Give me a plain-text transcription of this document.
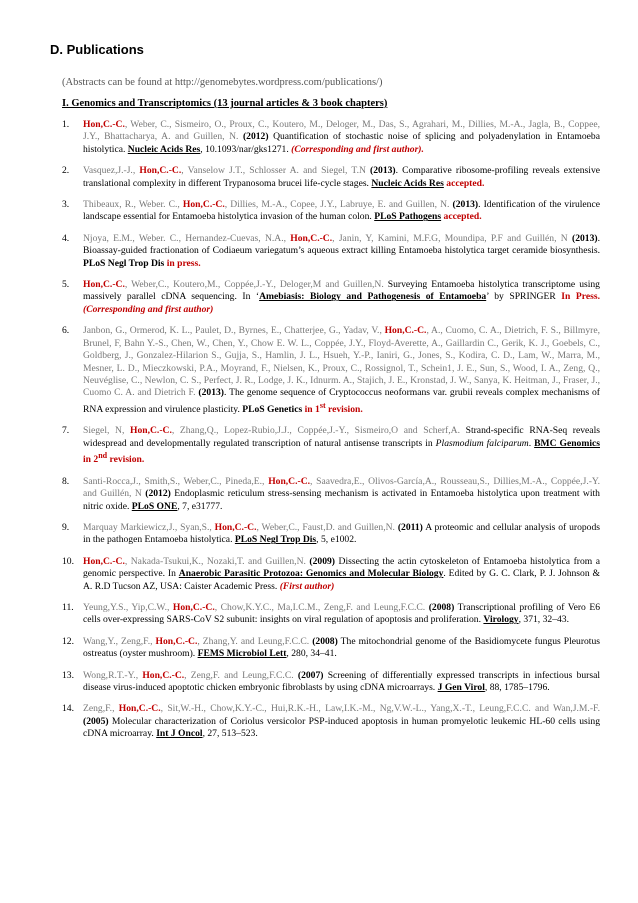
D. Publications
(Abstracts can be found at http://genomebytes.wordpress.com/publications/)
I. Genomics and Transcriptomics (13 journal articles & 3 book chapters)
1. Hon,C.-C., Weber, C., Sismeiro, O., Proux, C., Koutero, M., Deloger, M., Das, S., Agrahari, M., Dillies, M.-A., Jagla, B., Coppee, J.Y., Bhattacharya, A. and Guillen, N. (2012) Quantification of stochastic noise of splicing and polyadenylation in Entamoeba histolytica. Nucleic Acids Res, 10.1093/nar/gks1271. (Corresponding and first author).
2. Vasquez,J.-J., Hon,C.-C., Vanselow J.T., Schlosser A. and Siegel, T.N (2013). Comparative ribosome-profiling reveals extensive translational complexity in different Trypanosoma brucei life-cycle stages. Nucleic Acids Res accepted.
3. Thibeaux, R., Weber. C., Hon,C.-C., Dillies, M.-A., Copee, J.Y., Labruye, E. and Guillen, N. (2013). Identification of the virulence landscape essential for Entamoeba histolytica invasion of the human colon. PLoS Pathogens accepted.
4. Njoya, E.M., Weber. C., Hernandez-Cuevas, N.A., Hon,C.-C., Janin, Y, Kamini, M.F.G, Moundipa, P.F and Guillén, N (2013). Bioassay-guided fractionation of Codiaeum variegatum’s aqueous extract killing Entamoeba histolytica target ceramide biosynthesis. PLoS Negl Trop Dis in press.
5. Hon,C.-C., Weber,C., Koutero,M., Coppée,J.-Y., Deloger,M and Guillen,N. Surveying Entamoeba histolytica transcriptome using massively parallel cDNA sequencing. In ‘Amebiasis: Biology and Pathogenesis of Entamoeba’ by SPRINGER In Press. (Corresponding and first author)
6. Janbon, G., Ormerod, K. L., Paulet, D., Byrnes, E., Chatterjee, G., Yadav, V., Hon,C.-C., A., Cuomo, C. A., Dietrich, F. S., Billmyre, Brunel, F, Bahn Y.-S., Chen, W., Chen, Y., Chow E. W. L., Coppée, J.Y., Floyd-Averette, A., Gaillardin C., Gerik, K. J., Goebels, C., Goldberg, J., Gonzalez-Hilarion S., Gujja, S., Hamlin, J. L., Hsueh, Y.-P., Ianiri, G., Jones, S., Kodira, C. D., Lam, W., Marra, M., Mesner, L. D., Mieczkowski, P.A., Moyrand, F., Nielsen, K., Proux, C., Rossignol, T., Schein1, J. E., Sun, S., Wood, I. A., Zeng, Q., Neuvéglise, C., Newlon, C. S., Perfect, J. R., Lodge, J. K., Idnurm. A., Stajich, J. E., Kronstad, J. W., Sanya, K. Heitman, J., Fraser, J., Cuomo C. A. and Dietrich F. (2013). The genome sequence of Cryptococcus neoformans var. grubii reveals complex mechanisms of RNA expression and virulence plasticity. PLoS Genetics in 1st revision.
7. Siegel, N, Hon,C.-C., Zhang,Q., Lopez-Rubio,J.J., Coppée,J.-Y., Sismeiro,O and Scherf,A. Strand-specific RNA-Seq reveals widespread and developmentally regulated transcription of natural antisense transcripts in Plasmodium falciparum. BMC Genomics in 2nd revision.
8. Santi-Rocca,J., Smith,S., Weber,C., Pineda,E., Hon,C.-C., Saavedra,E., Olivos-García,A., Rousseau,S., Dillies,M.-A., Coppée,J.-Y. and Guillén, N (2012) Endoplasmic reticulum stress-sensing mechanism is activated in Entamoeba histolytica upon treatment with nitric oxide. PLoS ONE, 7, e31777.
9. Marquay Markiewicz,J., Syan,S., Hon,C.-C., Weber,C., Faust,D. and Guillen,N. (2011) A proteomic and cellular analysis of uropods in the pathogen Entamoeba histolytica. PLoS Negl Trop Dis, 5, e1002.
10. Hon,C.-C., Nakada-Tsukui,K., Nozaki,T. and Guillen,N. (2009) Dissecting the actin cytoskeleton of Entamoeba histolytica from a genomic perspective. In Anaerobic Parasitic Protozoa: Genomics and Molecular Biology. Edited by G. C. Clark, P. J. Johnson & A. R.D Tucson AZ, USA: Caister Academic Press. (First author)
11. Yeung,Y.S., Yip,C.W., Hon,C.-C., Chow,K.Y.C., Ma,I.C.M., Zeng,F. and Leung,F.C.C. (2008) Transcriptional profiling of Vero E6 cells over-expressing SARS-CoV S2 subunit: insights on viral regulation of apoptosis and proliferation. Virology, 371, 32–43.
12. Wang,Y., Zeng,F., Hon,C.-C., Zhang,Y. and Leung,F.C.C. (2008) The mitochondrial genome of the Basidiomycete fungus Pleurotus ostreatus (oyster mushroom). FEMS Microbiol Lett, 280, 34–41.
13. Wong,R.T.-Y., Hon,C.-C., Zeng,F. and Leung,F.C.C. (2007) Screening of differentially expressed transcripts in infectious bursal disease virus-induced apoptotic chicken embryonic fibroblasts by using cDNA microarrays. J Gen Virol, 88, 1785–1796.
14. Zeng,F., Hon,C.-C., Sit,W.-H., Chow,K.Y.-C., Hui,R.K.-H., Law,I.K.-M., Ng,V.W.-L., Yang,X.-T., Leung,F.C.C. and Wan,J.M.-F. (2005) Molecular characterization of Coriolus versicolor PSP-induced apoptosis in human promyelotic leukemic HL-60 cells using cDNA microarray. Int J Oncol, 27, 513–523.
